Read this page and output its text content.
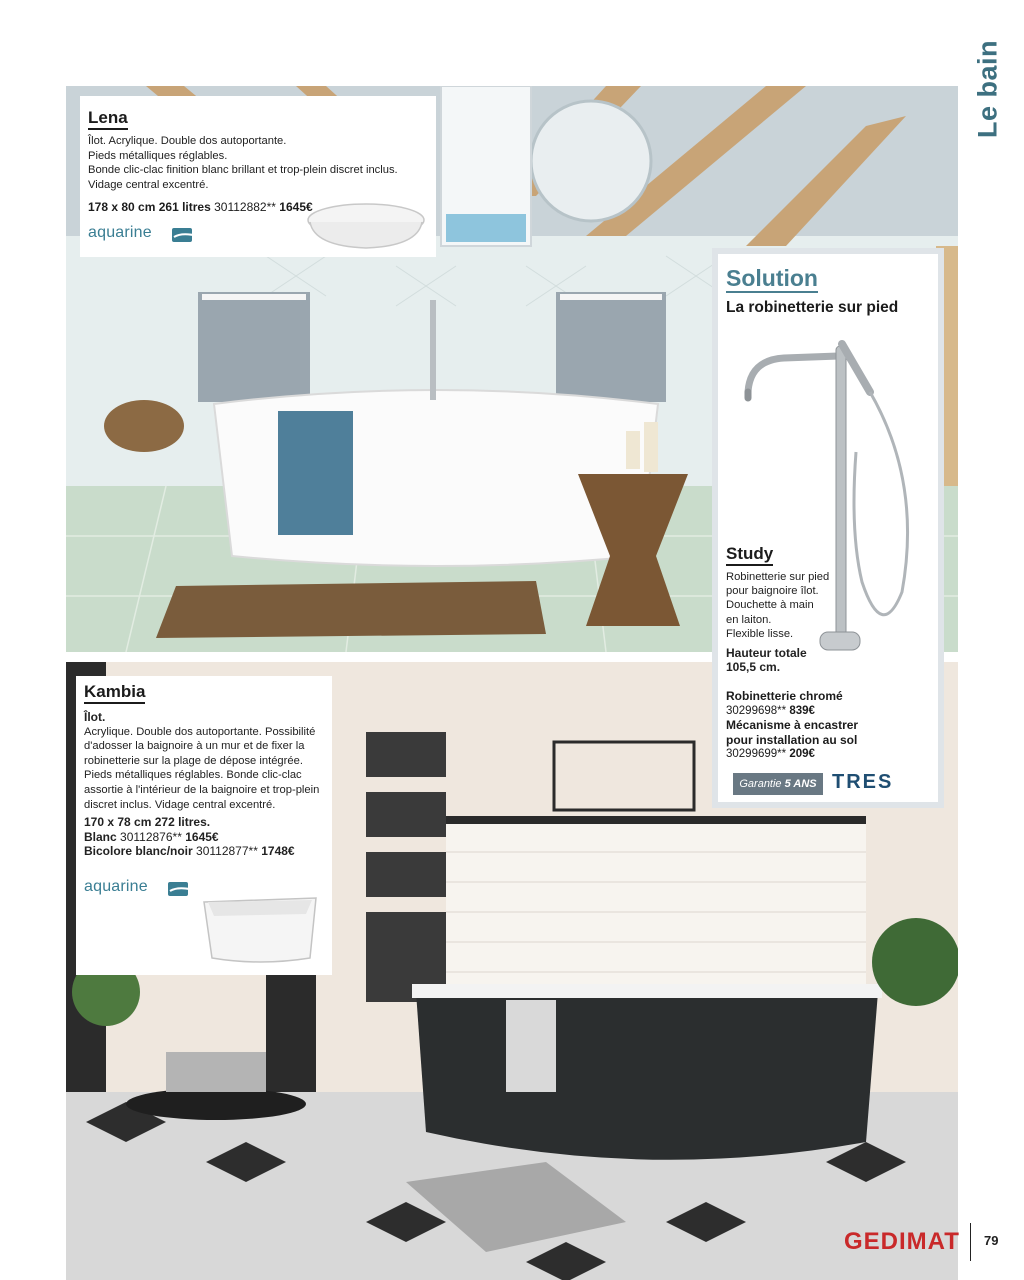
Le bain
Lena

Îlot. Acrylique. Double dos autoportante.

Pieds métalliques réglables.

Bonde clic-clac finition blanc brillant et trop-plein discret inclus.

Vidage central excentré.

178 x 80 cm 261 litres 30112882** 1645€
aquarine
Solution
La robinetterie sur pied
Study
Robinetterie sur pied
pour baignoire îlot.
Douchette à main
en laiton.
Flexible lisse.
Hauteur totale
105,5 cm.
Robinetterie chromé
30299698** 839€
Mécanisme à encastrer
pour installation au sol
30299699** 209€
Garantie 5 ANS TRES
Kambia

Îlot.

Acrylique. Double dos autoportante. Possibilité

d'adosser la baignoire à un mur et de fixer la

robinetterie sur la plage de dépose intégrée.

Pieds métalliques réglables. Bonde clic-clac

assortie à l'intérieur de la baignoire et trop-plein

discret inclus. Vidage central excentré.

170 x 78 cm 272 litres.

Blanc 30112876** 1645€

Bicolore blanc/noir 30112877** 1748€

aquarine
GEDIMAT 79
